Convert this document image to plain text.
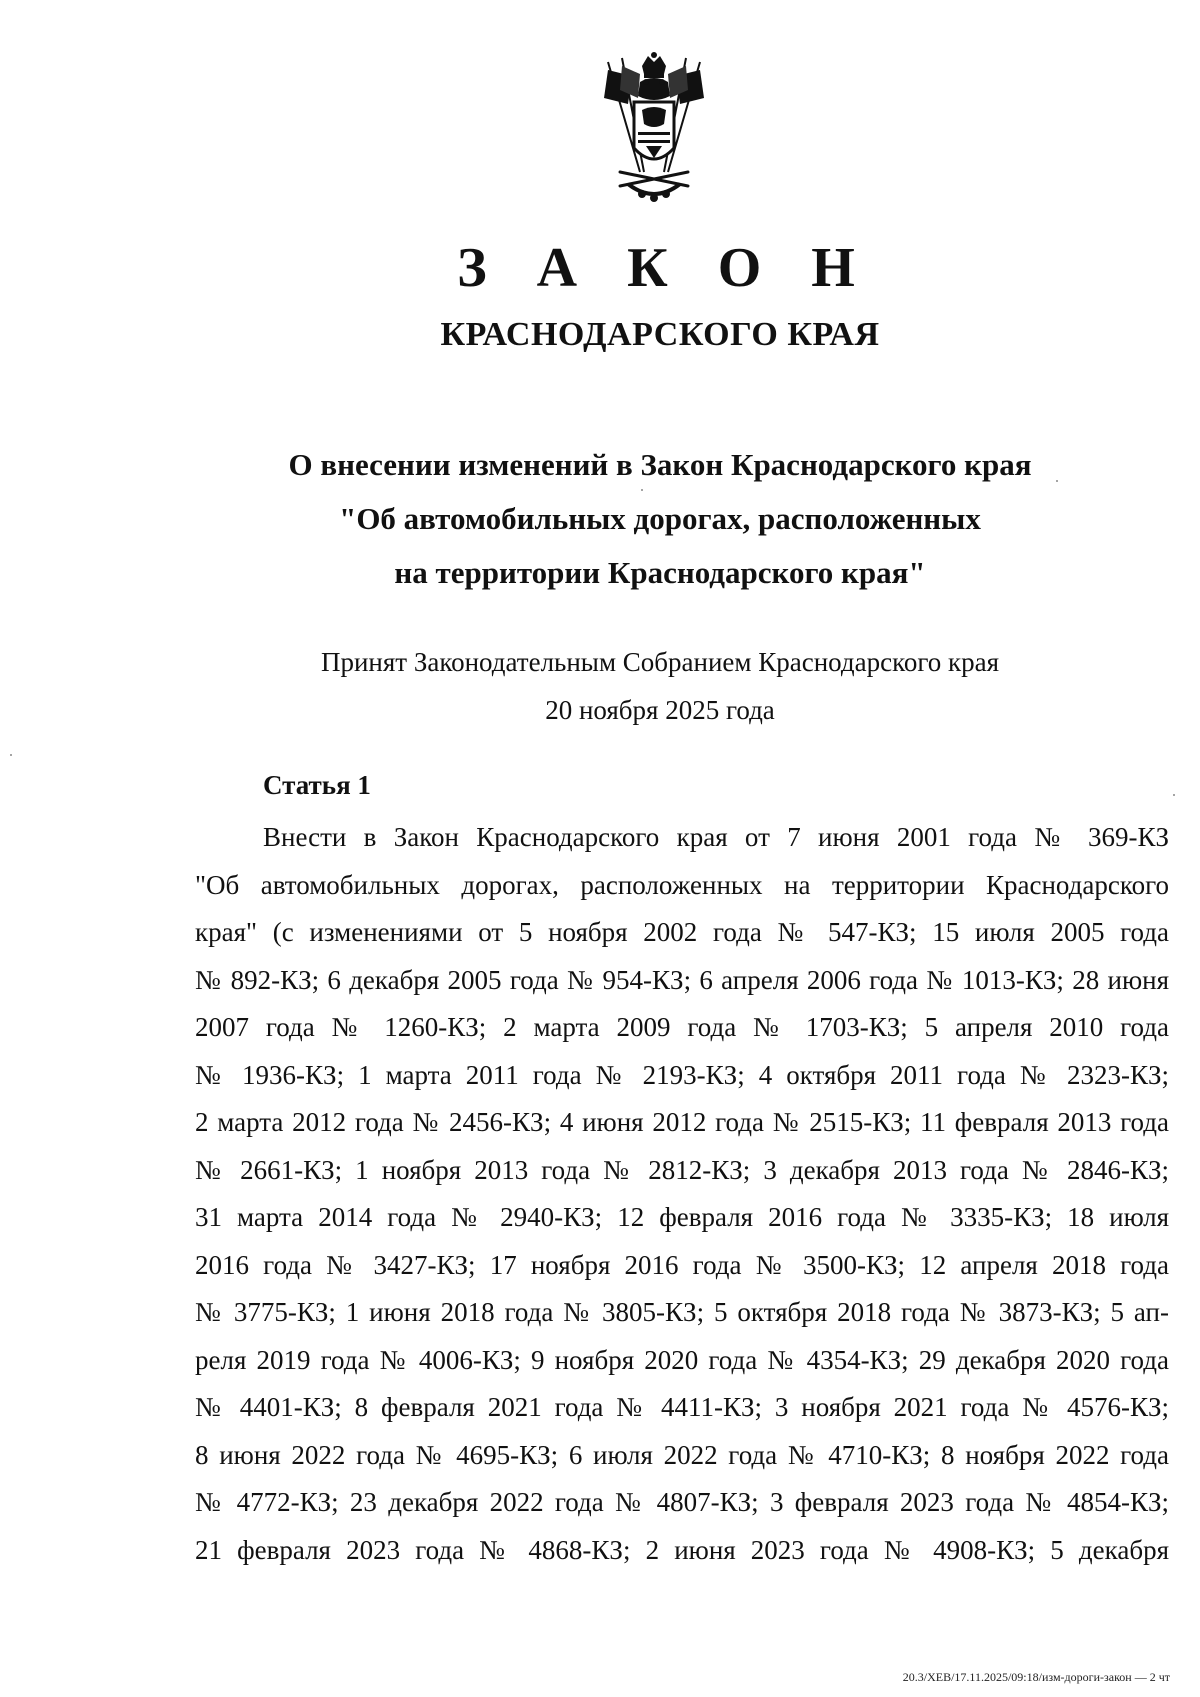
З А К О Н
КРАСНОДАРСКОГО КРАЯ
О внесении изменений в Закон Краснодарского края
"Об автомобильных дорогах, расположенных
на территории Краснодарского края"
Принят Законодательным Собранием Краснодарского края
20 ноября 2025 года
Статья 1
Внести в Закон Краснодарского края от 7 июня 2001 года № 369-КЗ
"Об автомобильных дорогах, расположенных на территории Краснодарского
края" (с изменениями от 5 ноября 2002 года № 547-КЗ; 15 июля 2005 года
№ 892-КЗ; 6 декабря 2005 года № 954-КЗ; 6 апреля 2006 года № 1013-КЗ; 28 июня
2007 года № 1260-КЗ; 2 марта 2009 года № 1703-КЗ; 5 апреля 2010 года
№ 1936-КЗ; 1 марта 2011 года № 2193-КЗ; 4 октября 2011 года № 2323-КЗ;
2 марта 2012 года № 2456-КЗ; 4 июня 2012 года № 2515-КЗ; 11 февраля 2013 года
№ 2661-КЗ; 1 ноября 2013 года № 2812-КЗ; 3 декабря 2013 года № 2846-КЗ;
31 марта 2014 года № 2940-КЗ; 12 февраля 2016 года № 3335-КЗ; 18 июля
2016 года № 3427-КЗ; 17 ноября 2016 года № 3500-КЗ; 12 апреля 2018 года
№ 3775-КЗ; 1 июня 2018 года № 3805-КЗ; 5 октября 2018 года № 3873-КЗ; 5 ап-
реля 2019 года № 4006-КЗ; 9 ноября 2020 года № 4354-КЗ; 29 декабря 2020 года
№ 4401-КЗ; 8 февраля 2021 года № 4411-КЗ; 3 ноября 2021 года № 4576-КЗ;
8 июня 2022 года № 4695-КЗ; 6 июля 2022 года № 4710-КЗ; 8 ноября 2022 года
№ 4772-КЗ; 23 декабря 2022 года № 4807-КЗ; 3 февраля 2023 года № 4854-КЗ;
21 февраля 2023 года № 4868-КЗ; 2 июня 2023 года № 4908-КЗ; 5 декабря
20.3/ХЕВ/17.11.2025/09:18/изм-дороги-закон — 2 чт
